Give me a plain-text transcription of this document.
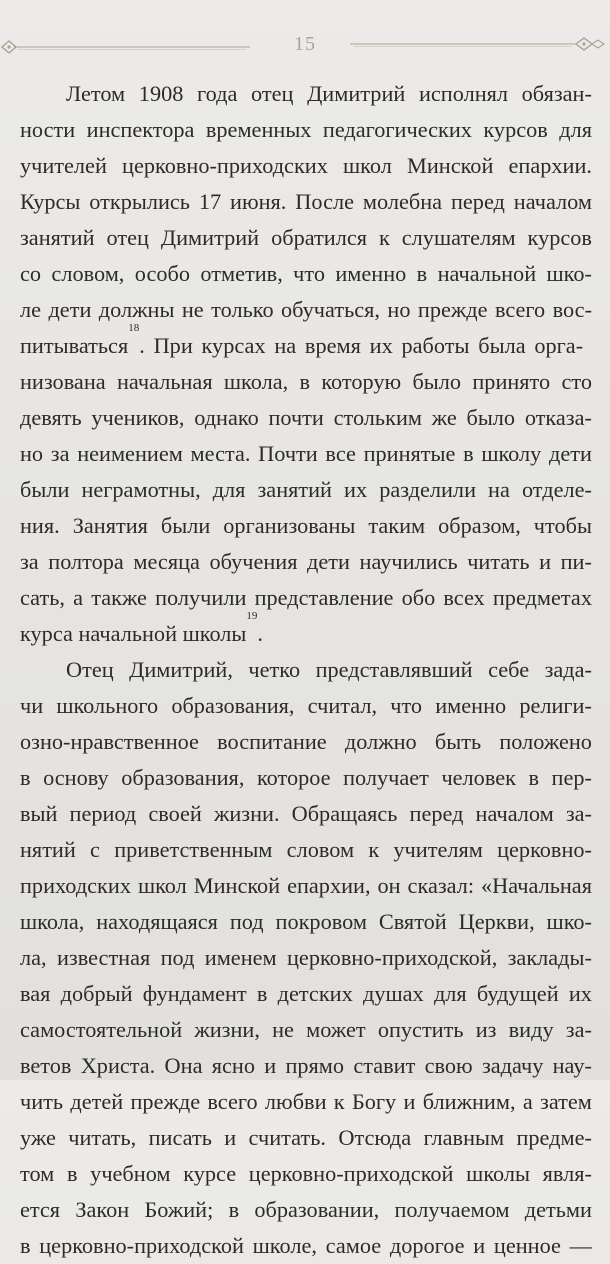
15
Летом 1908 года отец Димитрий исполнял обязан-
ности инспектора временных педагогических курсов для
учителей церковно-приходских школ Минской епархии.
Курсы открылись 17 июня. После молебна перед началом
занятий отец Димитрий обратился к слушателям курсов
со словом, особо отметив, что именно в начальной шко-
ле дети должны не только обучаться, но прежде всего вос-
питываться
18
. При курсах на время их работы была орга-
низована начальная школа, в которую было принято сто
девять учеников, однако почти стольким же было отказа-
но за неимением места. Почти все принятые в школу дети
были неграмотны, для занятий их разделили на отделе-
ния. Занятия были организованы таким образом, чтобы
за полтора месяца обучения дети научились читать и пи-
сать, а также получили представление обо всех предметах
курса начальной школы
19
.
Отец Димитрий, четко представлявший себе зада-
чи школьного образования, считал, что именно религи-
озно-нравственное воспитание должно быть положено
в основу образования, которое получает человек в пер-
вый период своей жизни. Обращаясь перед началом за-
нятий с приветственным словом к учителям церковно-
приходских школ Минской епархии, он сказал: «Начальная
школа, находящаяся под покровом Святой Церкви, шко-
ла, известная под именем церковно-приходской, заклады-
вая добрый фундамент в детских душах для будущей их
самостоятельной жизни, не может опустить из виду за-
ветов Христа. Она ясно и прямо ставит свою задачу нау-
чить детей прежде всего любви к Богу и ближним, а затем
уже читать, писать и считать. Отсюда главным предме-
том в учебном курсе церковно-приходской школы явля-
ется Закон Божий; в образовании, получаемом детьми
в церковно-приходской школе, самое дорогое и ценное —
